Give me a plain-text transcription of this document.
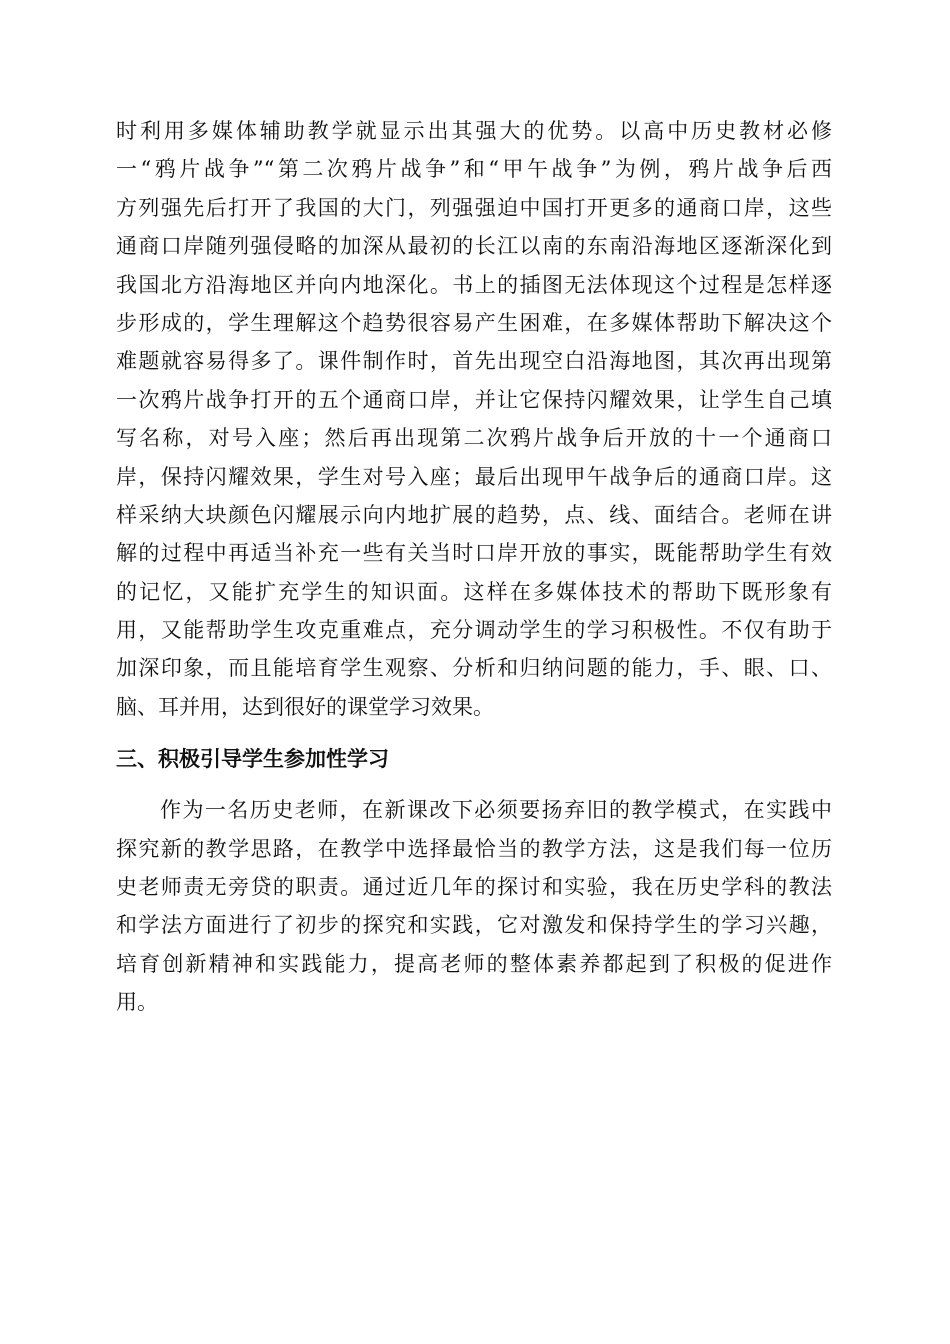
时利用多媒体辅助教学就显示出其强大的优势。以高中历史教材必修
一“鸦片战争”“第二次鸦片战争”和“甲午战争”为例，鸦片战争后西
方列强先后打开了我国的大门，列强强迫中国打开更多的通商口岸，这些
通商口岸随列强侵略的加深从最初的长江以南的东南沿海地区逐渐深化到
我国北方沿海地区并向内地深化。书上的插图无法体现这个过程是怎样逐
步形成的，学生理解这个趋势很容易产生困难，在多媒体帮助下解决这个
难题就容易得多了。课件制作时，首先出现空白沿海地图，其次再出现第
一次鸦片战争打开的五个通商口岸，并让它保持闪耀效果，让学生自己填
写名称，对号入座；然后再出现第二次鸦片战争后开放的十一个通商口
岸，保持闪耀效果，学生对号入座；最后出现甲午战争后的通商口岸。这
样采纳大块颜色闪耀展示向内地扩展的趋势，点、线、面结合。老师在讲
解的过程中再适当补充一些有关当时口岸开放的事实，既能帮助学生有效
的记忆，又能扩充学生的知识面。这样在多媒体技术的帮助下既形象有
用，又能帮助学生攻克重难点，充分调动学生的学习积极性。不仅有助于
加深印象，而且能培育学生观察、分析和归纳问题的能力，手、眼、口、
脑、耳并用，达到很好的课堂学习效果。
三、积极引导学生参加性学习
作为一名历史老师，在新课改下必须要扬弃旧的教学模式，在实践中
探究新的教学思路，在教学中选择最恰当的教学方法，这是我们每一位历
史老师责无旁贷的职责。通过近几年的探讨和实验，我在历史学科的教法
和学法方面进行了初步的探究和实践，它对激发和保持学生的学习兴趣，
培育创新精神和实践能力，提高老师的整体素养都起到了积极的促进作
用。
